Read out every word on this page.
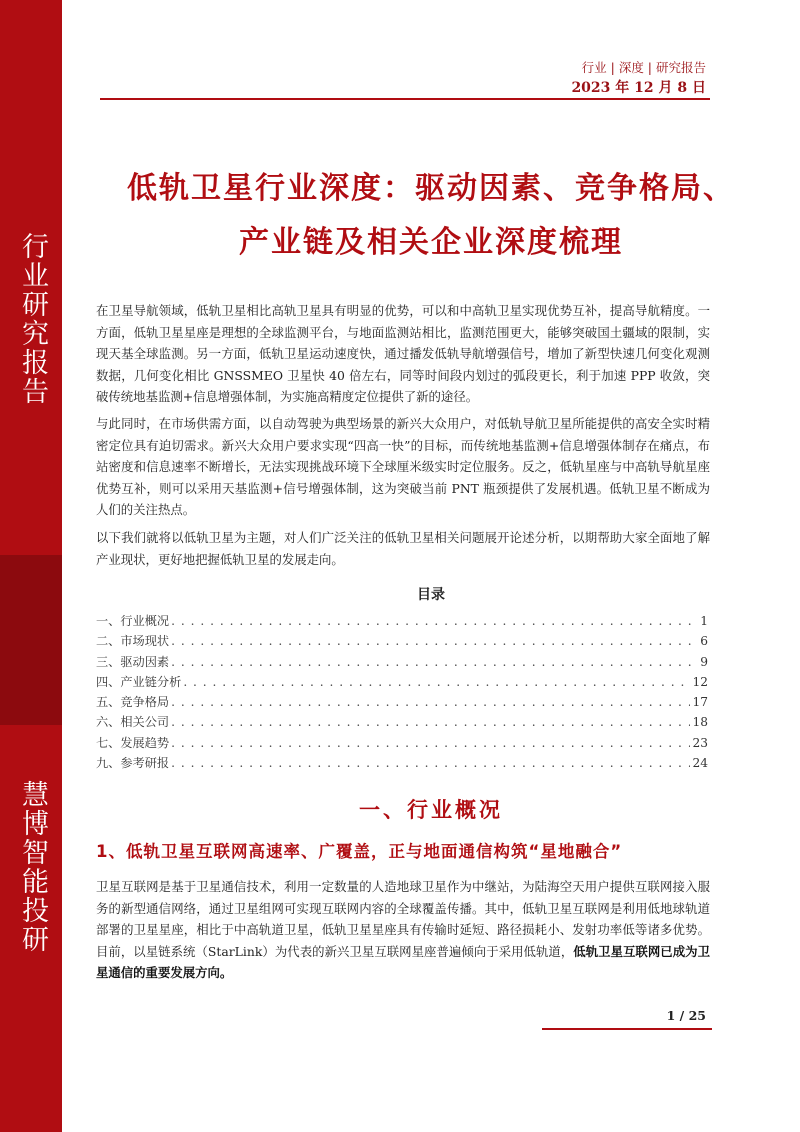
行业研究报告
慧博智能投研
行业 | 深度 | 研究报告
2023 年 12 月 8 日
低轨卫星行业深度：驱动因素、竞争格局、
产业链及相关企业深度梳理
在卫星导航领域，低轨卫星相比高轨卫星具有明显的优势，可以和中高轨卫星实现优势互补，提高导航精度。一方面，低轨卫星星座是理想的全球监测平台，与地面监测站相比，监测范围更大，能够突破国土疆域的限制，实现天基全球监测。另一方面，低轨卫星运动速度快，通过播发低轨导航增强信号，增加了新型快速几何变化观测数据，几何变化相比 GNSSMEO 卫星快 40 倍左右，同等时间段内划过的弧段更长，利于加速 PPP 收敛，突破传统地基监测+信息增强体制，为实施高精度定位提供了新的途径。
与此同时，在市场供需方面，以自动驾驶为典型场景的新兴大众用户，对低轨导航卫星所能提供的高安全实时精密定位具有迫切需求。新兴大众用户要求实现“四高一快”的目标，而传统地基监测+信息增强体制存在痛点，布站密度和信息速率不断增长，无法实现挑战环境下全球厘米级实时定位服务。反之，低轨星座与中高轨导航星座优势互补，则可以采用天基监测+信号增强体制，这为突破当前 PNT 瓶颈提供了发展机遇。低轨卫星不断成为人们的关注热点。
以下我们就将以低轨卫星为主题，对人们广泛关注的低轨卫星相关问题展开论述分析，以期帮助大家全面地了解产业现状，更好地把握低轨卫星的发展走向。
目录
一、行业概况 . . .	1
二、市场现状 . . .	6
三、驱动因素 . . .	9
四、产业链分析 . . .	12
五、竞争格局 . . .	17
六、相关公司 . . .	18
七、发展趋势 . . .	23
九、参考研报 . . .	24
一、行业概况
1、低轨卫星互联网高速率、广覆盖，正与地面通信构筑“星地融合”
卫星互联网是基于卫星通信技术，利用一定数量的人造地球卫星作为中继站，为陆海空天用户提供互联网接入服务的新型通信网络，通过卫星组网可实现互联网内容的全球覆盖传播。其中，低轨卫星互联网是利用低地球轨道部署的卫星星座，相比于中高轨道卫星，低轨卫星星座具有传输时延短、路径损耗小、发射功率低等诸多优势。目前，以星链系统（StarLink）为代表的新兴卫星互联网星座普遍倾向于采用低轨道，低轨卫星互联网已成为卫星通信的重要发展方向。
1 / 25
